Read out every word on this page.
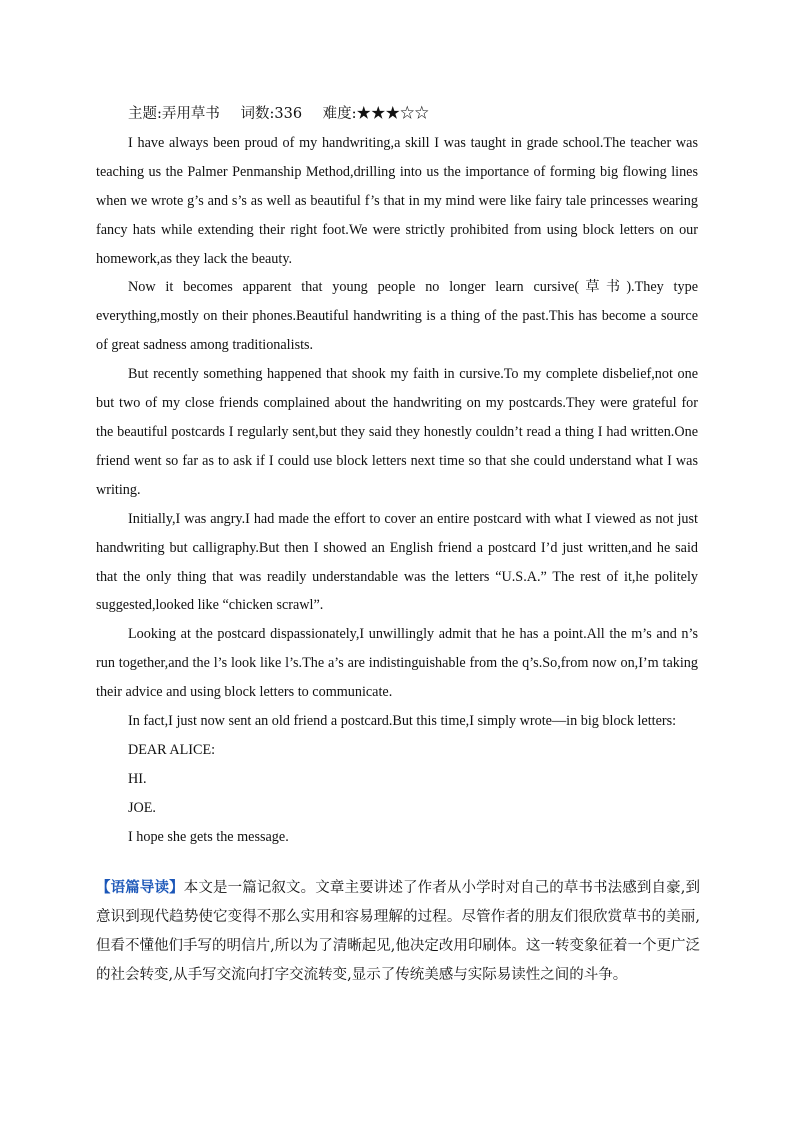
主题:弄用草书 词数:336 难度:★★★☆☆

I have always been proud of my handwriting,a skill I was taught in grade school.The teacher was teaching us the Palmer Penmanship Method,drilling into us the importance of forming big flowing lines when we wrote g’s and s’s as well as beautiful f’s that in my mind were like fairy tale princesses wearing fancy hats while extending their right foot.We were strictly prohibited from using block letters on our homework,as they lack the beauty.

Now it becomes apparent that young people no longer learn cursive(草书).They type everything,mostly on their phones.Beautiful handwriting is a thing of the past.This has become a source of great sadness among traditionalists.

But recently something happened that shook my faith in cursive.To my complete disbelief,not one but two of my close friends complained about the handwriting on my postcards.They were grateful for the beautiful postcards I regularly sent,but they said they honestly couldn’t read a thing I had written.One friend went so far as to ask if I could use block letters next time so that she could understand what I was writing.

Initially,I was angry.I had made the effort to cover an entire postcard with what I viewed as not just handwriting but calligraphy.But then I showed an English friend a postcard I’d just written,and he said that the only thing that was readily understandable was the letters “U.S.A.” The rest of it,he politely suggested,looked like “chicken scrawl”.

Looking at the postcard dispassionately,I unwillingly admit that he has a point.All the m’s and n’s run together,and the l’s look like l’s.The a’s are indistinguishable from the q’s.So,from now on,I’m taking their advice and using block letters to communicate.

In fact,I just now sent an old friend a postcard.But this time,I simply wrote—in big block letters:

DEAR ALICE:

HI.

JOE.

I hope she gets the message.

【语篇导读】本文是一篇记叙文。文章主要讲述了作者从小学时对自己的草书书法感到自豪,到意识到现代趋势使它变得不那么实用和容易理解的过程。尽管作者的朋友们很欣赏草书的美丽,但看不懂他们手写的明信片,所以为了清晰起见,他决定改用印刷体。这一转变象征着一个更广泛的社会转变,从手写交流向打字交流转变,显示了传统美感与实际易读性之间的斗争。
